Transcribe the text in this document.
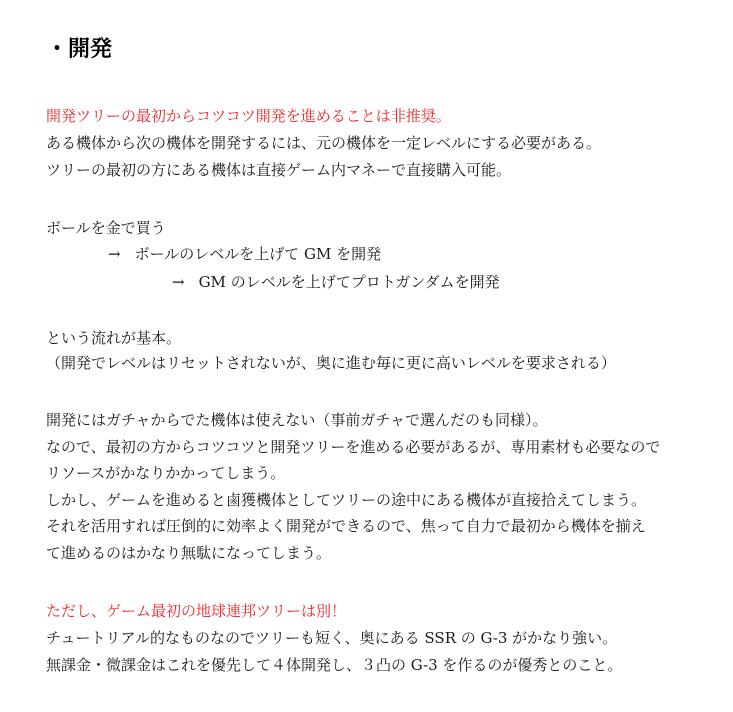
・開発
開発ツリーの最初からコツコツ開発を進めることは非推奨。
ある機体から次の機体を開発するには、元の機体を一定レベルにする必要がある。
ツリーの最初の方にある機体は直接ゲーム内マネーで直接購入可能。
ボールを金で買う
→ ボールのレベルを上げて GM を開発
→ GM のレベルを上げてプロトガンダムを開発
という流れが基本。
（開発でレベルはリセットされないが、奥に進む毎に更に高いレベルを要求される）
開発にはガチャからでた機体は使えない（事前ガチャで選んだのも同様）。
なので、最初の方からコツコツと開発ツリーを進める必要があるが、専用素材も必要なので
リソースがかなりかかってしまう。
しかし、ゲームを進めると鹵獲機体としてツリーの途中にある機体が直接拾えてしまう。
それを活用すれば圧倒的に効率よく開発ができるので、焦って自力で最初から機体を揃え
て進めるのはかなり無駄になってしまう。
ただし、ゲーム最初の地球連邦ツリーは別！
チュートリアル的なものなのでツリーも短く、奥にある SSR の G-3 がかなり強い。
無課金・微課金はこれを優先して４体開発し、３凸の G-3 を作るのが優秀とのこと。
